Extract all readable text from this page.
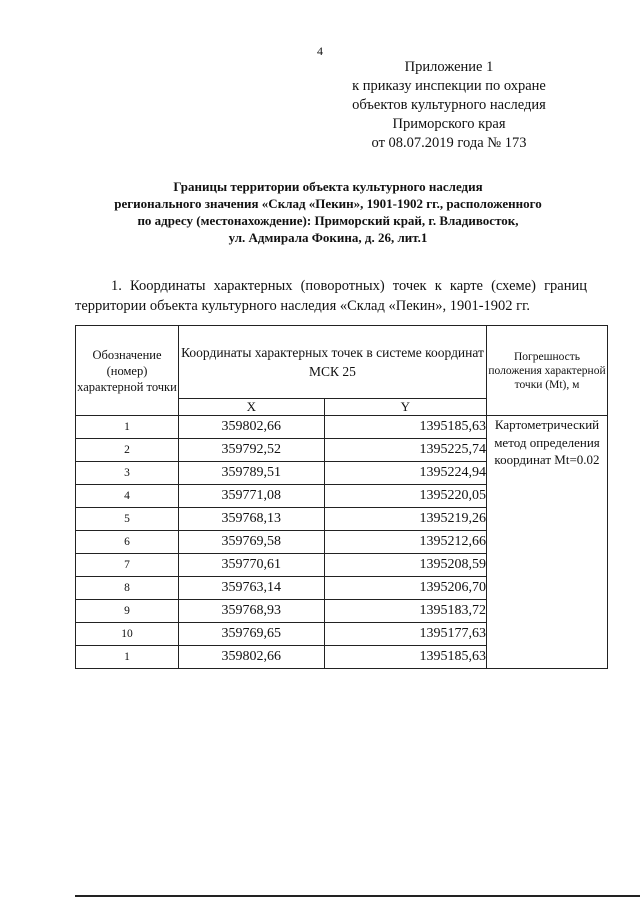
4
Приложение 1
к приказу инспекции по охране
объектов культурного наследия
Приморского края
от 08.07.2019 года № 173
Границы территории объекта культурного наследия
регионального значения «Склад «Пекин», 1901-1902 гг., расположенного
по адресу (местонахождение): Приморский край, г. Владивосток,
ул. Адмирала Фокина, д. 26, лит.1
1. Координаты характерных (поворотных) точек к карте (схеме) границ территории объекта культурного наследия «Склад «Пекин», 1901-1902 гг.
Обозначение (номер) характерной точки	Координаты характерных точек в системе координат МСК 25		Погрешность положения характерной точки (Mt), м
	X	Y	
1	359802,66	1395185,63	Картометрический метод определения координат Mt=0.02
2	359792,52	1395225,74	
3	359789,51	1395224,94	
4	359771,08	1395220,05	
5	359768,13	1395219,26	
6	359769,58	1395212,66	
7	359770,61	1395208,59	
8	359763,14	1395206,70	
9	359768,93	1395183,72	
10	359769,65	1395177,63	
1	359802,66	1395185,63	
